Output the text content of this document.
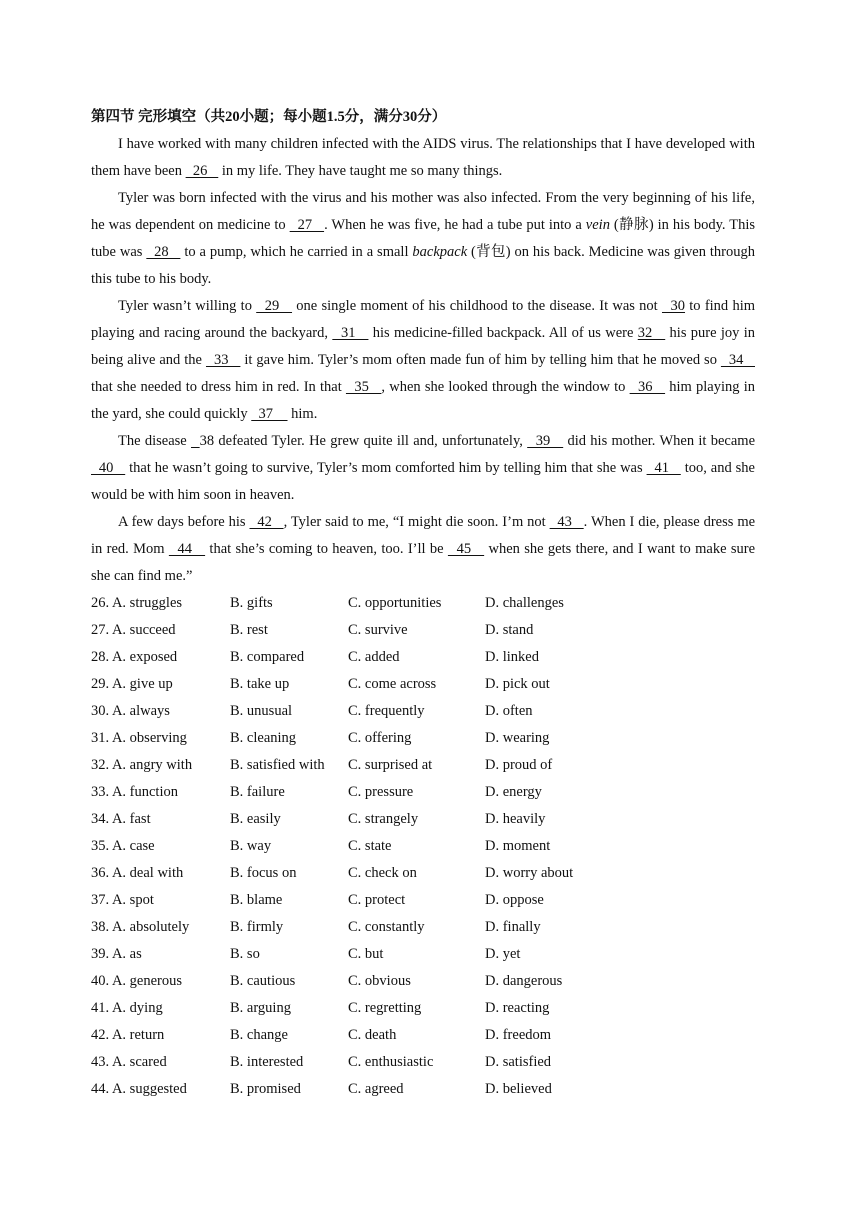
第四节 完形填空（共20小题；每小题1.5分，满分30分）

I have worked with many children infected with the AIDS virus. The relationships that I have developed with them have been   26    in my life. They have taught me so many things.

Tyler was born infected with the virus and his mother was also infected. From the very beginning of his life, he was dependent on medicine to   27   . When he was five, he had a tube put into a vein (静脉) in his body. This tube was   28    to a pump, which he carried in a small backpack (背包) on his back. Medicine was given through this tube to his body.

Tyler wasn’t willing to   29    one single moment of his childhood to the disease. It was not   30 to find him playing and racing around the backyard,   31    his medicine-filled backpack. All of us were 32    his pure joy in being alive and the   33    it gave him. Tyler’s mom often made fun of him by telling him that he moved so   34    that she needed to dress him in red. In that   35   , when she looked through the window to   36    him playing in the yard, she could quickly   37     him.

The disease   38 defeated Tyler. He grew quite ill and, unfortunately,   39    did his mother. When it became   40    that he wasn’t going to survive, Tyler’s mom comforted him by telling him that she was   41    too, and she would be with him soon in heaven.

A few days before his   42   , Tyler said to me, “I might die soon. I’m not   43   . When I die, please dress me in red. Mom   44    that she’s coming to heaven, too. I’ll be   45    when she gets there, and I want to make sure she can find me.”

26. A. struggles	B. gifts	C. opportunities	D. challenges
27. A. succeed	B. rest	C. survive	D. stand
28. A. exposed	B. compared	C. added	D. linked
29. A. give up	B. take up	C. come across	D. pick out
30. A. always	B. unusual	C. frequently	D. often
31. A. observing	B. cleaning	C. offering	D. wearing
32. A. angry with	B. satisfied with C. surprised at	D. proud of
33. A. function	B. failure	C. pressure	D. energy
34. A. fast	B. easily	C. strangely	D. heavily
35. A. case	B. way	C. state	D. moment
36. A. deal with	B. focus on	C. check on	D. worry about
37. A. spot	B. blame	C. protect	D. oppose
38. A. absolutely	B. firmly	C. constantly	D. finally
39. A. as	B. so	C. but	D. yet
40. A. generous	B. cautious	C. obvious	D. dangerous
41. A. dying	B. arguing	C. regretting	D. reacting
42. A. return	B. change	C. death	D. freedom
43. A. scared	B. interested	C. enthusiastic	D. satisfied
44. A. suggested	B. promised	C. agreed	D. believed
